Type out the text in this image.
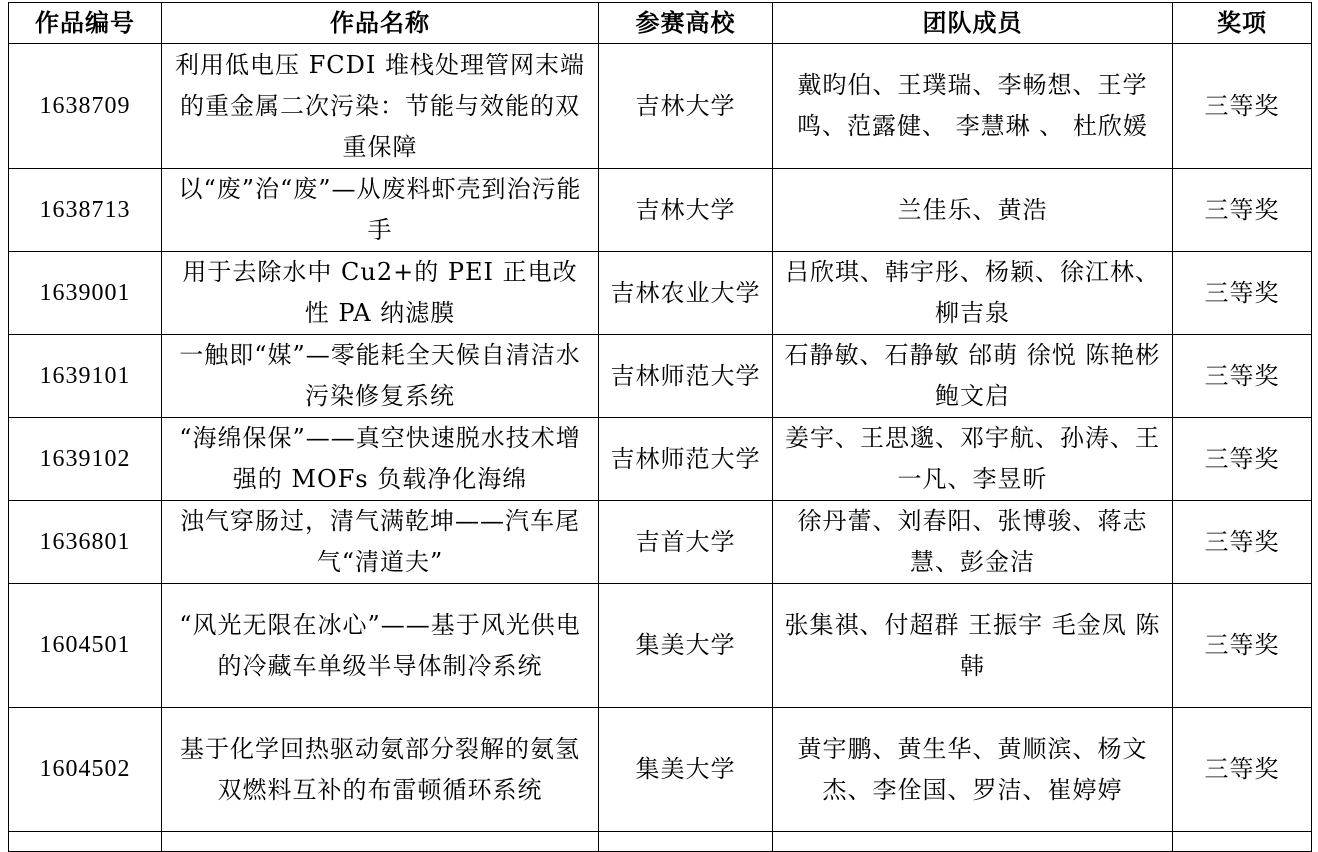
作品编号	作品名称	参赛高校	团队成员	奖项
1638709	利用低电压 FCDI 堆栈处理管网末端的重金属二次污染：节能与效能的双重保障	吉林大学	戴昀伯、王璞瑞、李畅想、王学鸣、范露健、 李慧琳 、 杜欣媛	三等奖
1638713	以“废”治“废”—从废料虾壳到治污能手	吉林大学	兰佳乐、黄浩	三等奖
1639001	用于去除水中 Cu2+的 PEI 正电改性 PA 纳滤膜	吉林农业大学	吕欣琪、韩宇彤、杨颖、徐江林、柳吉泉	三等奖
1639101	一触即“媒”—零能耗全天候自清洁水污染修复系统	吉林师范大学	石静敏、石静敏 邰萌 徐悦 陈艳彬 鲍文启	三等奖
1639102	“海绵保保”——真空快速脱水技术增强的 MOFs 负载净化海绵	吉林师范大学	姜宇、王思邈、邓宇航、孙涛、王一凡、李昱昕	三等奖
1636801	浊气穿肠过，清气满乾坤——汽车尾气“清道夫”	吉首大学	徐丹蕾、刘春阳、张博骏、蒋志慧、彭金洁	三等奖
1604501	“风光无限在冰心”——基于风光供电的冷藏车单级半导体制冷系统	集美大学	张集祺、付超群 王振宇 毛金凤 陈韩	三等奖
1604502	基于化学回热驱动氨部分裂解的氨氢双燃料互补的布雷顿循环系统	集美大学	黄宇鹏、黄生华、黄顺滨、杨文杰、李佺国、罗洁、崔婷婷	三等奖
